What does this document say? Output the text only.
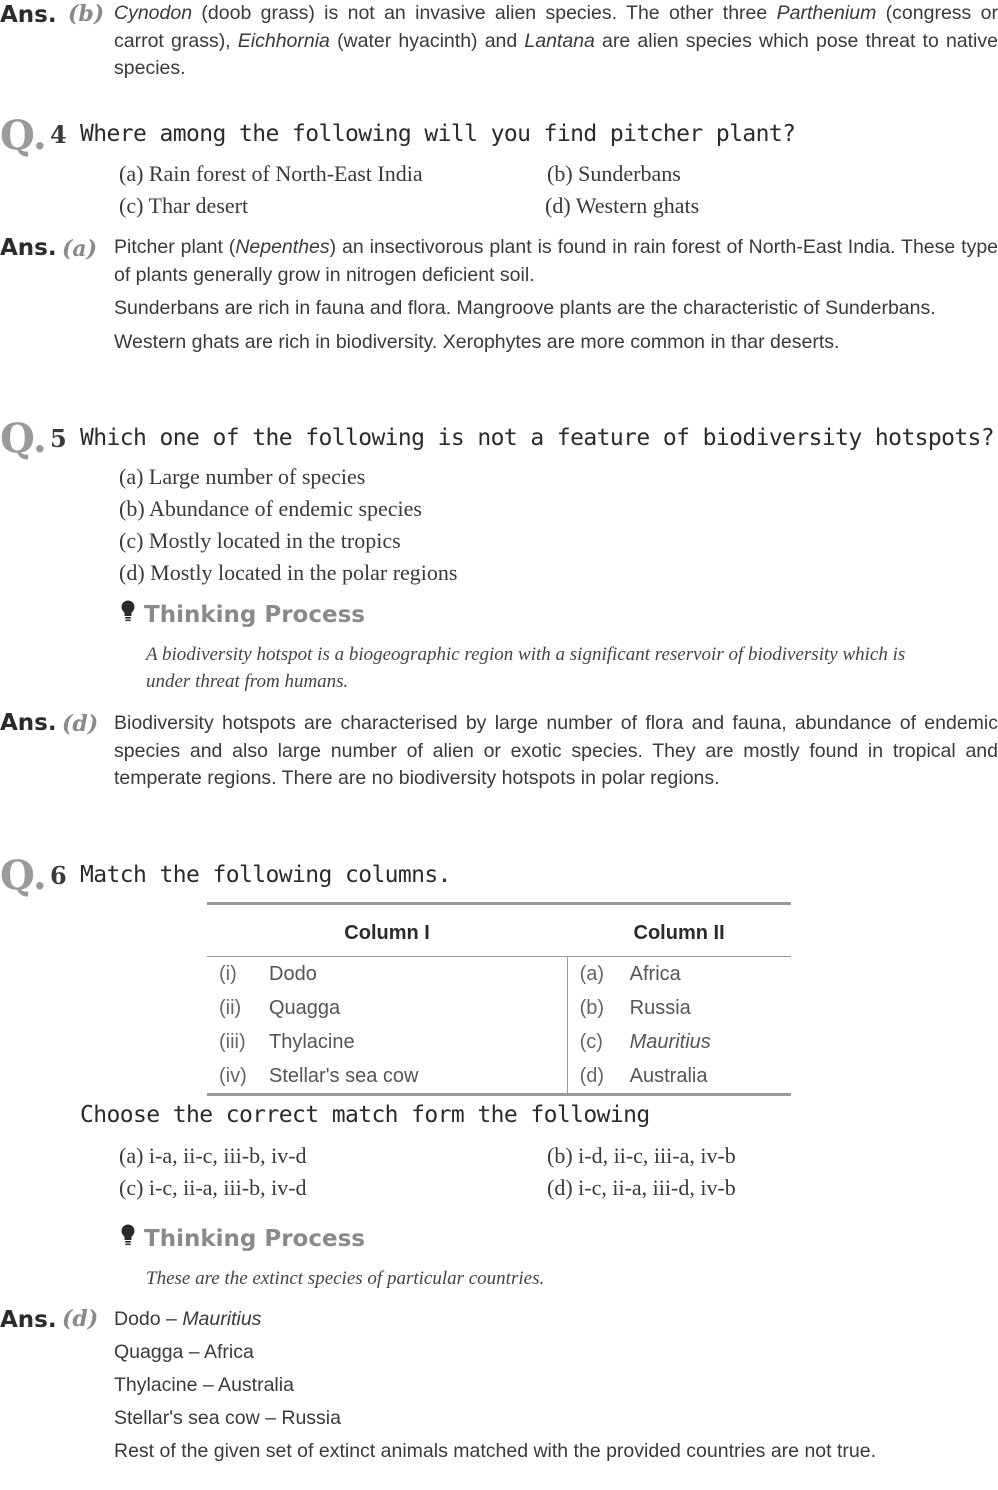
Ans. (b) Cynodon (doob grass) is not an invasive alien species. The other three Parthenium (congress or carrot grass), Eichhornia (water hyacinth) and Lantana are alien species which pose threat to native species.
Q. 4 Where among the following will you find pitcher plant?
(a) Rain forest of North-East India	(b) Sunderbans
(c) Thar desert	(d) Western ghats
Ans. (a) Pitcher plant (Nepenthes) an insectivorous plant is found in rain forest of North-East India. These type of plants generally grow in nitrogen deficient soil.

Sunderbans are rich in fauna and flora. Mangroove plants are the characteristic of Sunderbans.

Western ghats are rich in biodiversity. Xerophytes are more common in thar deserts.

Q. 5 Which one of the following is not a feature of biodiversity hotspots?
(a) Large number of species
(b) Abundance of endemic species
(c) Mostly located in the tropics
(d) Mostly located in the polar regions
Thinking Process
A biodiversity hotspot is a biogeographic region with a significant reservoir of biodiversity which is under threat from humans.
Ans. (d) Biodiversity hotspots are characterised by large number of flora and fauna, abundance of endemic species and also large number of alien or exotic species. They are mostly found in tropical and temperate regions. There are no biodiversity hotspots in polar regions.
Q. 6 Match the following columns.
Column I		Column II	
(i)	Dodo	(a)	Africa
(ii)	Quagga	(b)	Russia
(iii)	Thylacine	(c)	Mauritius
(iv)	Stellar's sea cow	(d)	Australia
Choose the correct match form the following
(a) i-a, ii-c, iii-b, iv-d	(b) i-d, ii-c, iii-a, iv-b
(c) i-c, ii-a, iii-b, iv-d	(d) i-c, ii-a, iii-d, iv-b
Thinking Process
These are the extinct species of particular countries.
Ans. (d) Dodo – Mauritius

Quagga – Africa

Thylacine – Australia

Stellar's sea cow – Russia

Rest of the given set of extinct animals matched with the provided countries are not true.
